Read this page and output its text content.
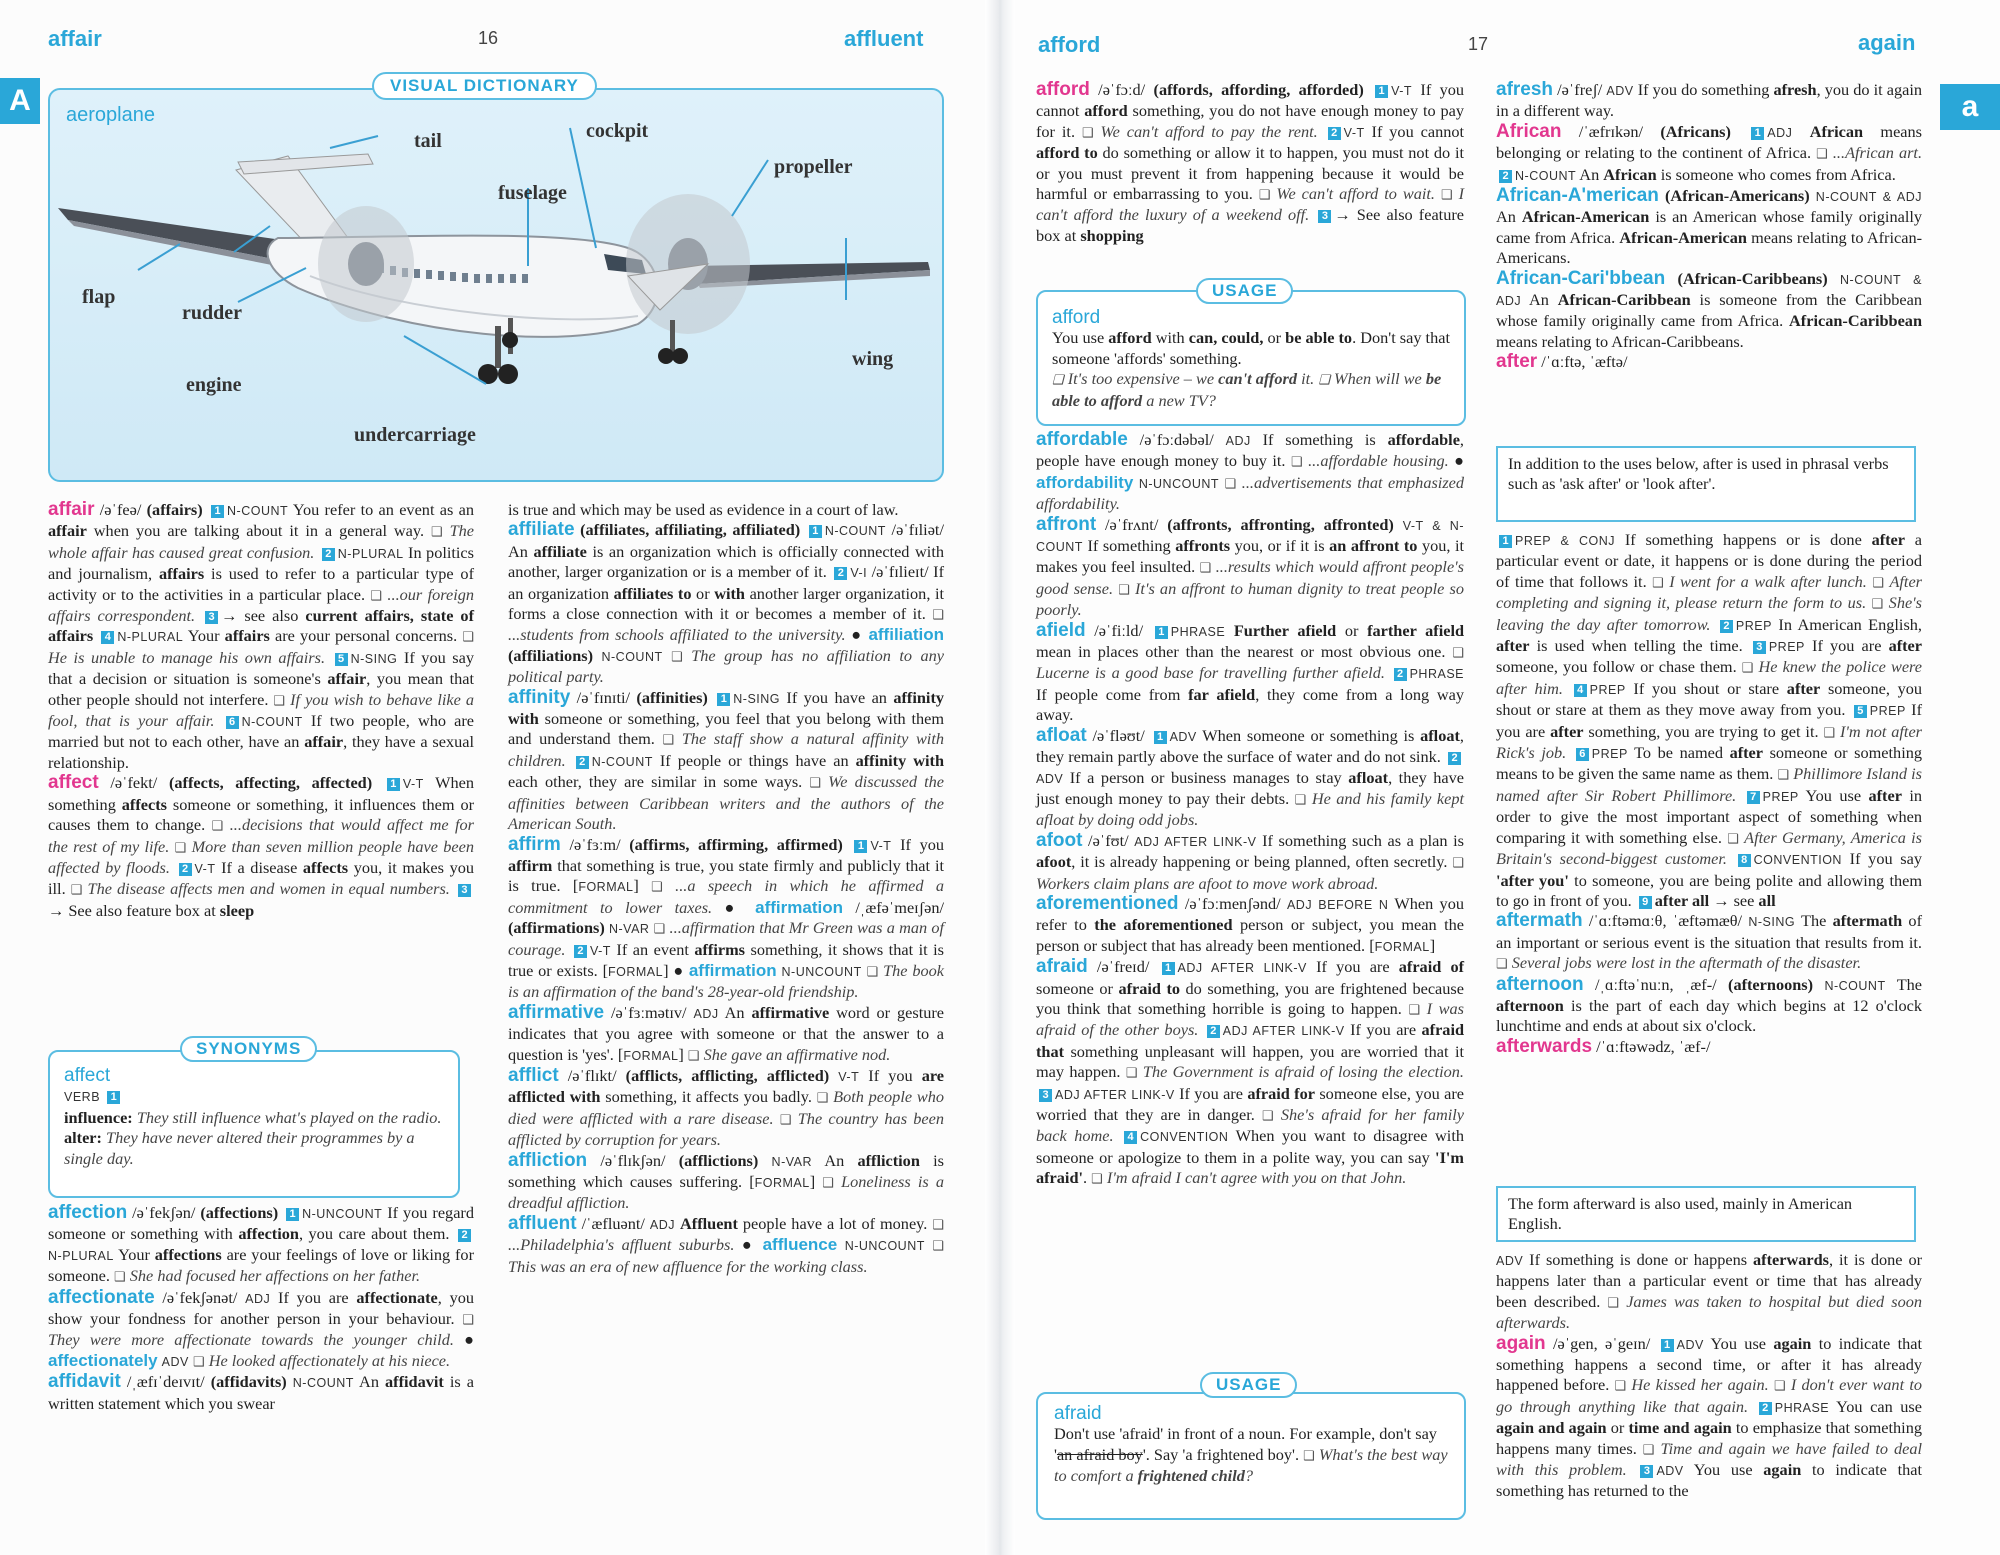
affair	16	affluent	afford	17	again
A	a
VISUAL DICTIONARY
aeroplane
tail	cockpit
fuselage
propeller
flap
rudder
engine
wing
undercarriage

affair /əˈfeə/ (affairs) 1 N-COUNT You refer to an event as an affair when you are talking about it in a general way. ❑ The whole affair has caused great confusion. 2 N-PLURAL In politics and journalism, affairs is used to refer to a particular type of activity or to the activities in a particular place. ❑ ...our foreign affairs correspondent. 3 → see also current affairs, state of affairs 4 N-PLURAL Your affairs are your personal concerns. ❑ He is unable to manage his own affairs. 5 N-SING If you say that a decision or situation is someone's affair, you mean that other people should not interfere. ❑ If you wish to behave like a fool, that is your affair. 6 N-COUNT If two people, who are married but not to each other, have an affair, they have a sexual relationship.

affect /əˈfekt/ (affects, affecting, affected) 1 V-T When something affects someone or something, it influences them or causes them to change. ❑ ...decisions that would affect me for the rest of my life. ❑ More than seven million people have been affected by floods. 2 V-T If a disease affects you, it makes you ill. ❑ The disease affects men and women in equal numbers. 3→ See also feature box at sleep

SYNONYMS

affect

VERB 1

influence: They still influence what's played on the radio.

alter: They have never altered their programmes by a single day.

affection /əˈfekʃən/ (affections) 1 N-UNCOUNT If you regard someone or something with affection, you care about them. 2N-PLURAL Your affections are your feelings of love or liking for someone. ❑ She had focused her affections on her father.

affectionate /əˈfekʃənət/ ADJ If you are affectionate, you show your fondness for another person in your behaviour. ❑ They were more affectionate towards the younger child. ● affectionately ADV ❑ He looked affectionately at his niece.

affidavit /ˌæfɪˈdeɪvɪt/ (affidavits) N-COUNT An affidavit is a written statement which you swear

is true and which may be used as evidence in a court of law.

affiliate (affiliates, affiliating, affiliated) 1 N-COUNT /əˈfɪliət/ An affiliate is an organization which is officially connected with another, larger organization or is a member of it. 2 V-I /əˈfɪlieɪt/ If an organization affiliates to or with another larger organization, it forms a close connection with it or becomes a member of it. ❑ ...students from schools affiliated to the university. ● affiliation (affiliations) N-COUNT ❑ The group has no affiliation to any political party.

affinity /əˈfɪnɪti/ (affinities) 1 N-SING If you have an affinity with someone or something, you feel that you belong with them and understand them. ❑ The staff show a natural affinity with children. 2 N-COUNT If people or things have an affinity with each other, they are similar in some ways. ❑ We discussed the affinities between Caribbean writers and the authors of the American South.

affirm /əˈfɜːm/ (affirms, affirming, affirmed) 1 V-T If you affirm that something is true, you state firmly and publicly that it is true. [FORMAL] ❑ ...a speech in which he affirmed a commitment to lower taxes. ● affirmation /ˌæfəˈmeɪʃən/ (affirmations) N-VAR ❑ ...affirmation that Mr Green was a man of courage. 2 V-T If an event affirms something, it shows that it is true or exists. [FORMAL] ● affirmation N-UNCOUNT ❑ The book is an affirmation of the band's 28-year-old friendship.

affirmative /əˈfɜːmətɪv/ ADJ An affirmative word or gesture indicates that you agree with someone or that the answer to a question is 'yes'. [FORMAL] ❑ She gave an affirmative nod.

afflict /əˈflɪkt/ (afflicts, afflicting, afflicted) V-T If you are afflicted with something, it affects you badly. ❑ Both people who died were afflicted with a rare disease. ❑ The country has been afflicted by corruption for years.

affliction /əˈflɪkʃən/ (afflictions) N-VAR An affliction is something which causes suffering. [FORMAL] ❑ Loneliness is a dreadful affliction.

affluent /ˈæfluənt/ ADJ Affluent people have a lot of money. ❑ ...Philadelphia's affluent suburbs. ● affluence N-UNCOUNT ❑ This was an era of new affluence for the working class.

afford /əˈfɔːd/ (affords, affording, afforded) 1 V-T If you cannot afford something, you do not have enough money to pay for it. ❑ We can't afford to pay the rent. 2 V-T If you cannot afford to do something or allow it to happen, you must not do it or you must prevent it from happening because it would be harmful or embarrassing to you. ❑ We can't afford to wait. ❑ I can't afford the luxury of a weekend off. 3 → See also feature box at shopping

USAGE

afford

You use afford with can, could, or be able to. Don't say that someone 'affords' something.

❑ It's too expensive – we can't afford it. ❑ When will we be able to afford a new TV?

affordable /əˈfɔːdəbəl/ ADJ If something is affordable, people have enough money to buy it. ❑ ...affordable housing. ● affordability N-UNCOUNT ❑ ...advertisements that emphasized affordability.

affront /əˈfrʌnt/ (affronts, affronting, affronted) V-T & N-COUNT If something affronts you, or if it is an affront to you, it makes you feel insulted. ❑ ...results which would affront people's good sense. ❑ It's an affront to human dignity to treat people so poorly.

afield /əˈfiːld/ 1 PHRASE Further afield or farther afield mean in places other than the nearest or most obvious one. ❑ Lucerne is a good base for travelling further afield. 2 PHRASE If people come from far afield, they come from a long way away.

afloat /əˈfləʊt/ 1 ADV When someone or something is afloat, they remain partly above the surface of water and do not sink. 2ADV If a person or business manages to stay afloat, they have just enough money to pay their debts. ❑ He and his family kept afloat by doing odd jobs.

afoot /əˈfʊt/ ADJ AFTER LINK-V If something such as a plan is afoot, it is already happening or being planned, often secretly. ❑ Workers claim plans are afoot to move work abroad.

aforementioned /əˈfɔːmenʃənd/ ADJ BEFORE N When you refer to the aforementioned person or subject, you mean the person or subject that has already been mentioned. [FORMAL]

afraid /əˈfreɪd/ 1 ADJ AFTER LINK-V If you are afraid of someone or afraid to do something, you are frightened because you think that something horrible is going to happen. ❑ I was afraid of the other boys. 2 ADJ AFTER LINK-V If you are afraid that something unpleasant will happen, you are worried that it may happen. ❑ The Government is afraid of losing the election. 3 ADJ AFTER LINK-V If you are afraid for someone else, you are worried that they are in danger. ❑ She's afraid for her family back home. 4 CONVENTION When you want to disagree with someone or apologize to them in a polite way, you can say 'I'm afraid'. ❑ I'm afraid I can't agree with you on that John.

USAGE

afraid

Don't use 'afraid' in front of a noun. For example, don't say 'an afraid boy'. Say 'a frightened boy'. ❑ What's the best way to comfort a frightened child?

afresh /əˈfreʃ/ ADV If you do something afresh, you do it again in a different way.

African /ˈæfrɪkən/ (Africans) 1 ADJ African means belonging or relating to the continent of Africa. ❑ ...African art. 2 N-COUNT An African is someone who comes from Africa.

African-A'merican (African-Americans) N-COUNT & ADJ An African-American is an American whose family originally came from Africa. African-American means relating to African-Americans.

African-Cari'bbean (African-Caribbeans) N-COUNT & ADJ An African-Caribbean is someone from the Caribbean whose family originally came from Africa. African-Caribbean means relating to African-Caribbeans.

after /ˈɑːftə, ˈæftə/

In addition to the uses below, after is used in phrasal verbs such as 'ask after' or 'look after'.

1 PREP & CONJ If something happens or is done after a particular event or date, it happens or is done during the period of time that follows it. ❑ I went for a walk after lunch. ❑ After completing and signing it, please return the form to us. ❑ She's leaving the day after tomorrow. 2 PREP In American English, after is used when telling the time. 3 PREP If you are after someone, you follow or chase them. ❑ He knew the police were after him. 4 PREP If you shout or stare after someone, you shout or stare at them as they move away from you. 5 PREP If you are after something, you are trying to get it. ❑ I'm not after Rick's job. 6 PREP To be named after someone or something means to be given the same name as them. ❑ Phillimore Island is named after Sir Robert Phillimore. 7 PREP You use after in order to give the most important aspect of something when comparing it with something else. ❑ After Germany, America is Britain's second-biggest customer. 8 CONVENTION If you say 'after you' to someone, you are being polite and allowing them to go in front of you. 9 after all → see all

aftermath /ˈɑːftəmɑːθ, ˈæftəmæθ/ N-SING The aftermath of an important or serious event is the situation that results from it. ❑ Several jobs were lost in the aftermath of the disaster.

afternoon /ˌɑːftəˈnuːn, ˌæf-/ (afternoons) N-COUNT The afternoon is the part of each day which begins at 12 o'clock lunchtime and ends at about six o'clock.

afterwards /ˈɑːftəwədz, ˈæf-/

The form afterward is also used, mainly in American English.

ADV If something is done or happens afterwards, it is done or happens later than a particular event or time that has already been described. ❑ James was taken to hospital but died soon afterwards.

again /əˈgen, əˈgeɪn/ 1 ADV You use again to indicate that something happens a second time, or after it has already happened before. ❑ He kissed her again. ❑ I don't ever want to go through anything like that again. 2 PHRASE You can use again and again or time and again to emphasize that something happens many times. ❑ Time and again we have failed to deal with this problem. 3 ADV You use again to indicate that something has returned to the
